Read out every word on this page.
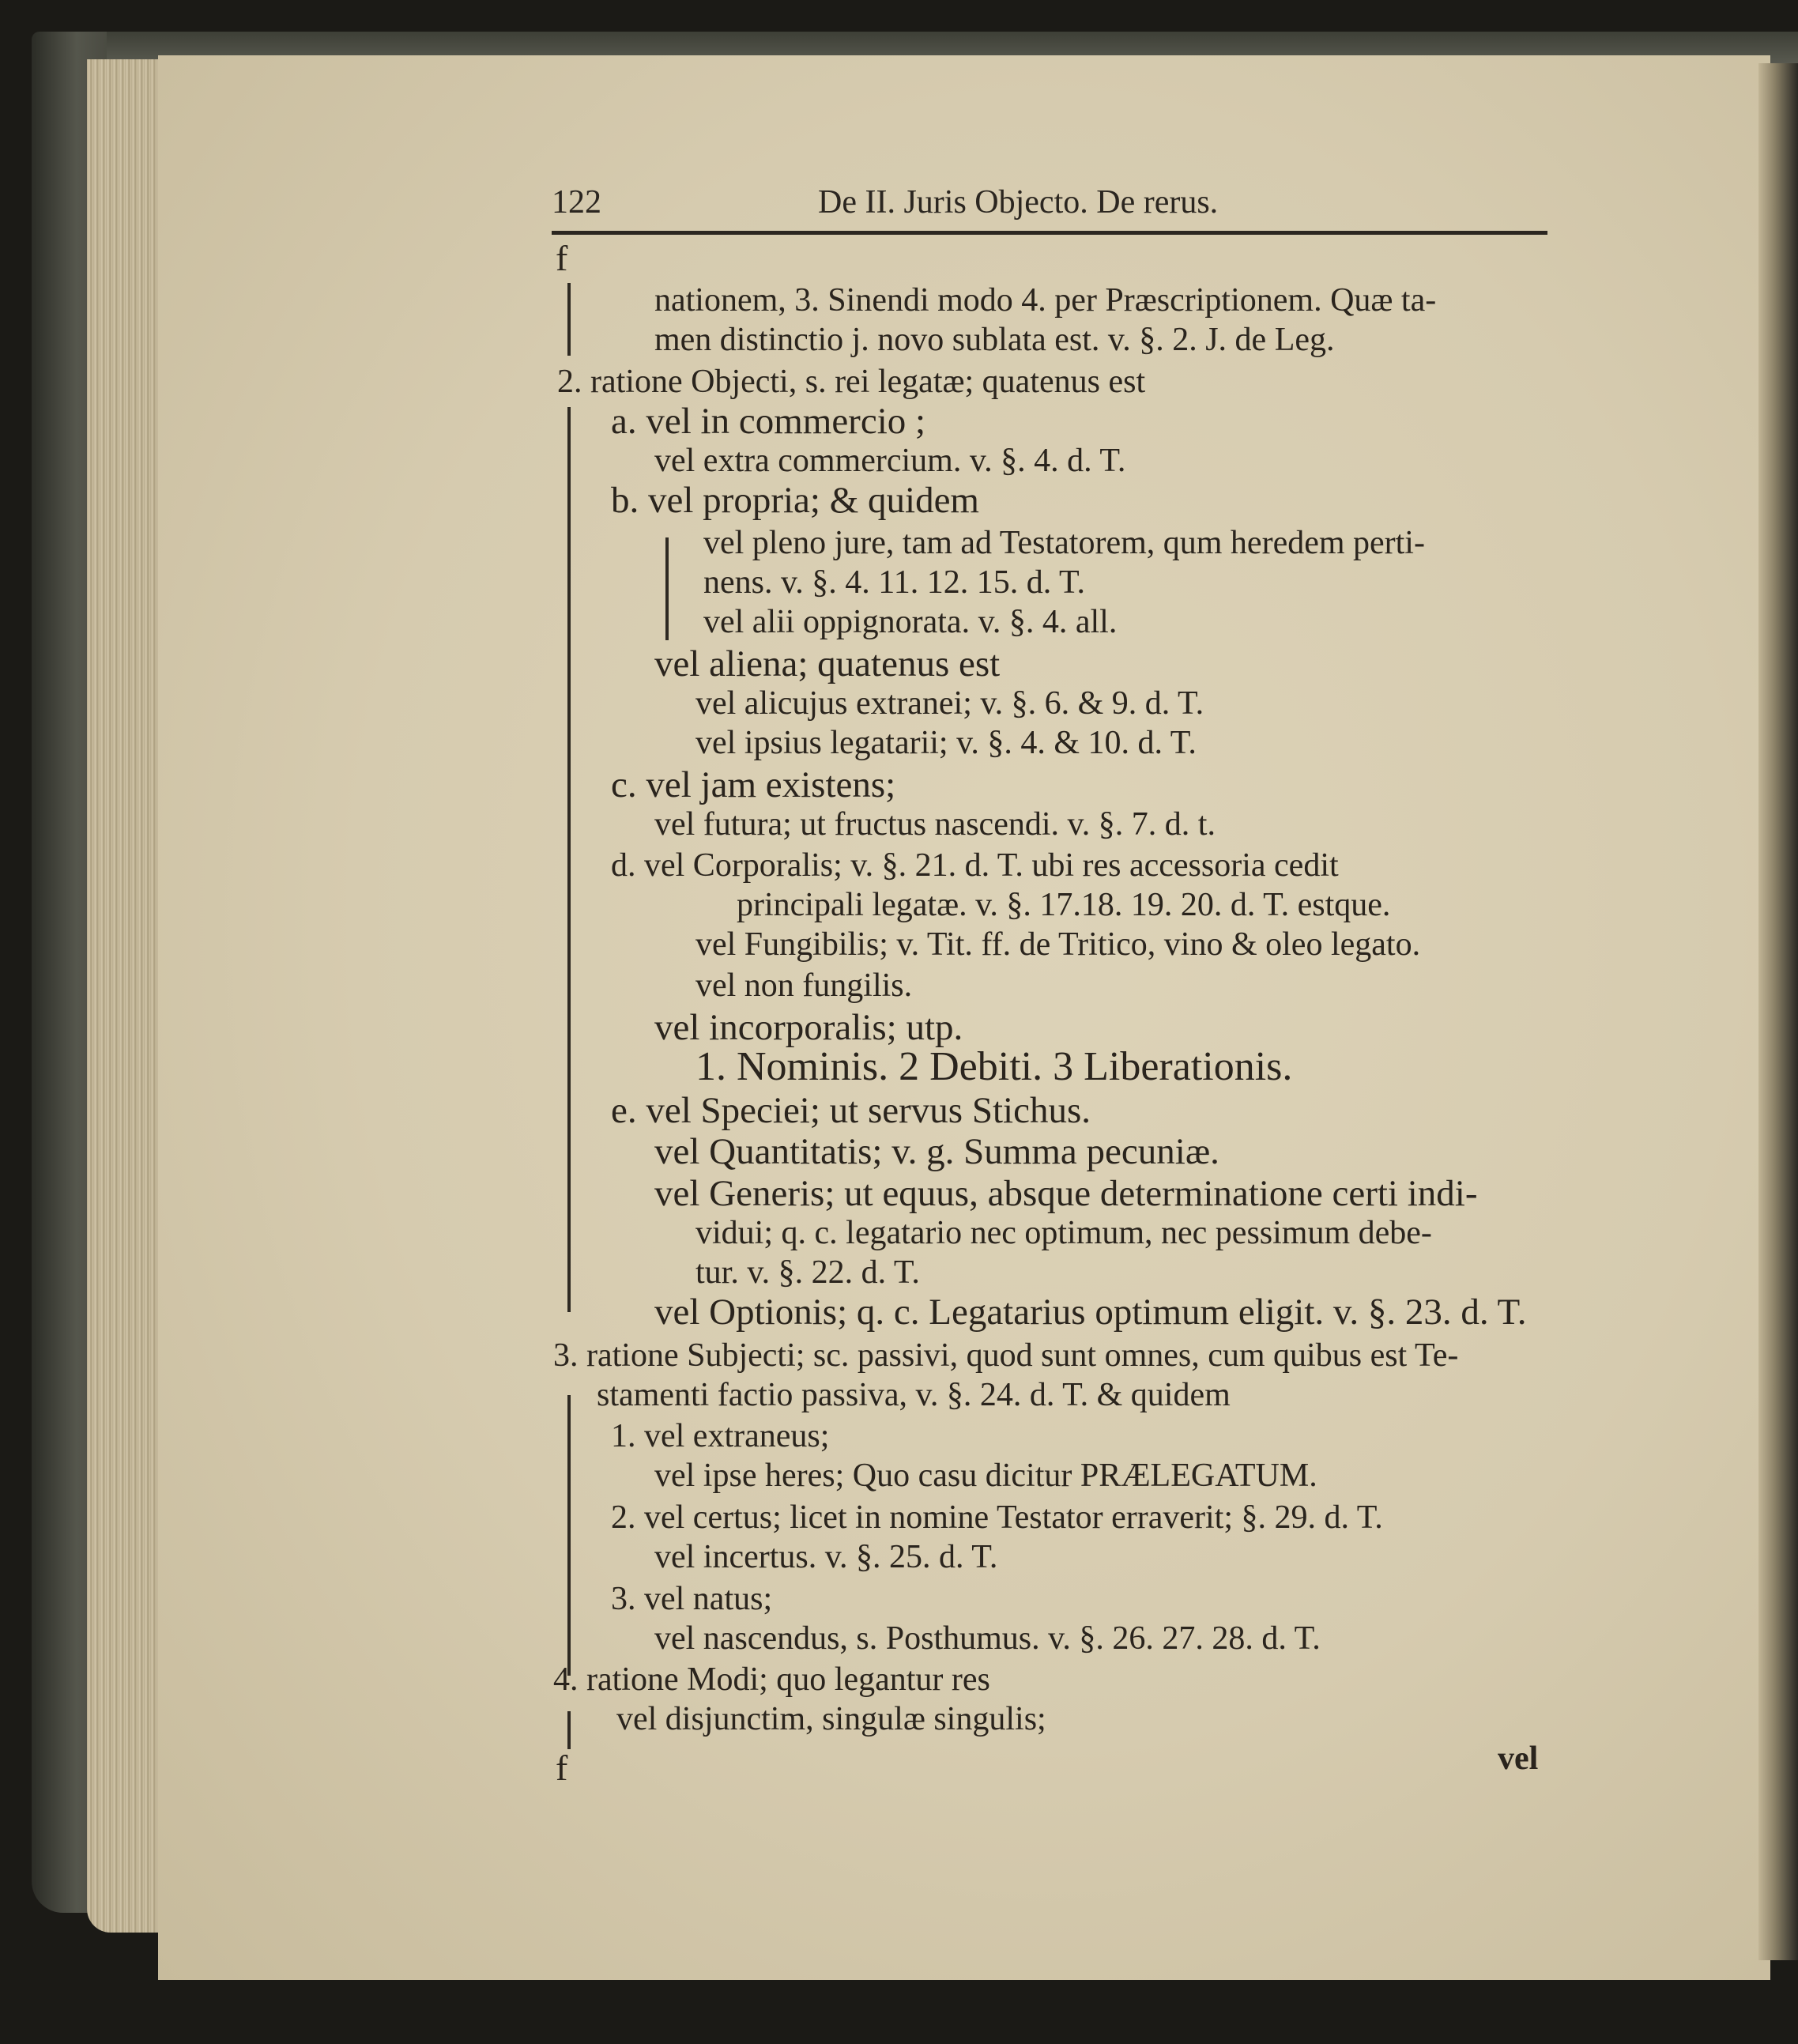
122	De II. Juris Objecto. De rerus.
f
f
nationem, 3. Sinendi modo 4. per Præscriptionem. Quæ ta-
men distinctio j. novo sublata est. v. §. 2. J. de Leg.
2. ratione Objecti, s. rei legatæ; quatenus est
a. vel in commercio ;
vel extra commercium. v. §. 4. d. T.
b. vel propria; & quidem
vel pleno jure, tam ad Testatorem, qum heredem perti-
nens. v. §. 4. 11. 12. 15. d. T.
vel alii oppignorata. v. §. 4. all.
vel aliena; quatenus est
vel alicujus extranei; v. §. 6. & 9. d. T.
vel ipsius legatarii; v. §. 4. & 10. d. T.
c. vel jam existens;
vel futura; ut fructus nascendi. v. §. 7. d. t.
d. vel Corporalis; v. §. 21. d. T. ubi res accessoria cedit
principali legatæ. v. §. 17.18. 19. 20. d. T. estque.
vel Fungibilis; v. Tit. ff. de Tritico, vino & oleo legato.
vel non fungilis.
vel incorporalis; utp.
1. Nominis. 2 Debiti. 3 Liberationis.
e. vel Speciei; ut servus Stichus.
vel Quantitatis; v. g. Summa pecuniæ.
vel Generis; ut equus, absque determinatione certi indi-
vidui; q. c. legatario nec optimum, nec pessimum debe-
tur. v. §. 22. d. T.
vel Optionis; q. c. Legatarius optimum eligit. v. §. 23. d. T.
3. ratione Subjecti; sc. passivi, quod sunt omnes, cum quibus est Te-
stamenti factio passiva, v. §. 24. d. T. & quidem
1. vel extraneus;
vel ipse heres; Quo casu dicitur PRÆLEGATUM.
2. vel certus; licet in nomine Testator erraverit; §. 29. d. T.
vel incertus. v. §. 25. d. T.
3. vel natus;
vel nascendus, s. Posthumus. v. §. 26. 27. 28. d. T.
4. ratione Modi; quo legantur res
vel disjunctim, singulæ singulis;
vel
